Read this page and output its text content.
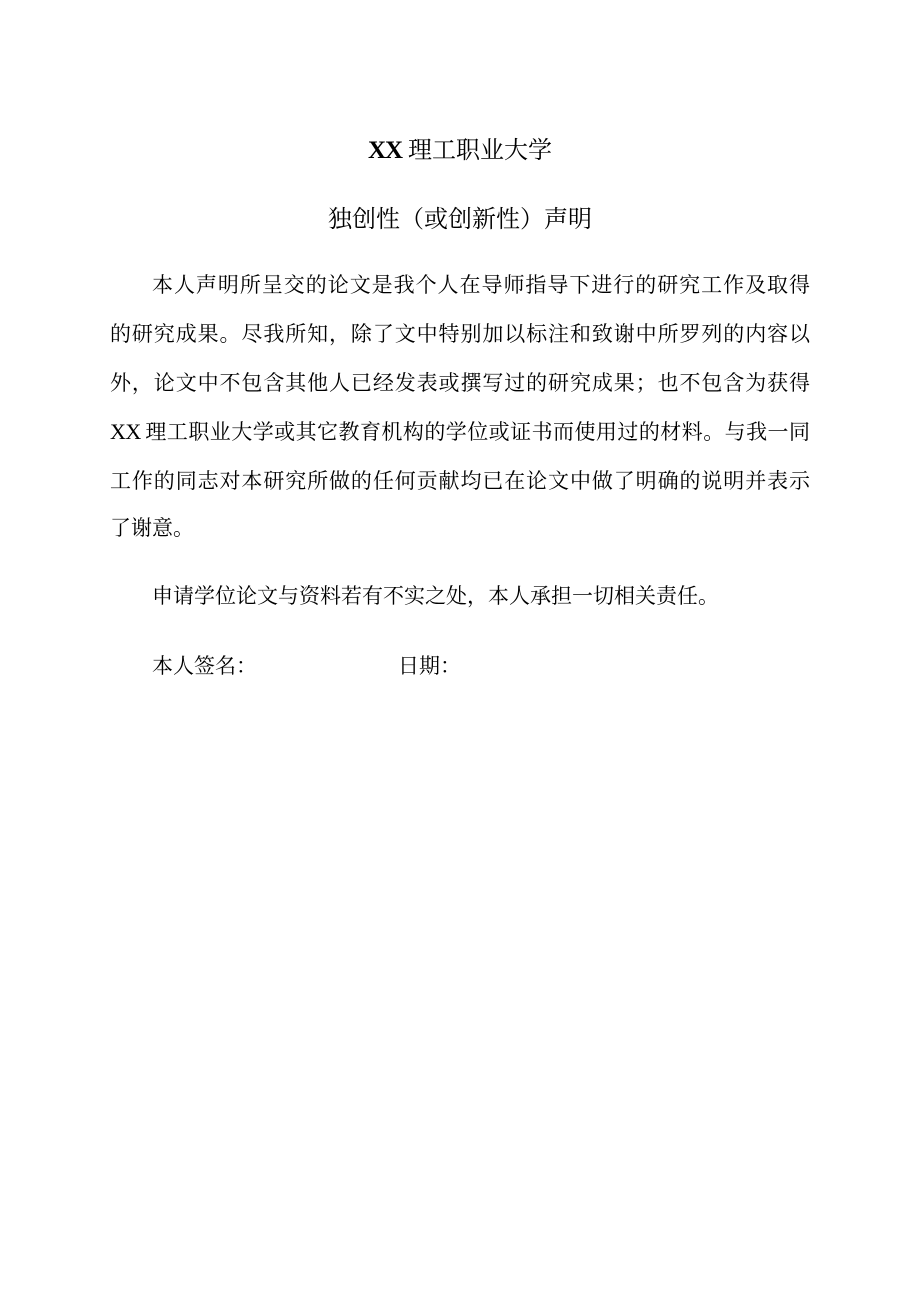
XX 理工职业大学
独创性（或创新性）声明
本人声明所呈交的论文是我个人在导师指导下进行的研究工作及取得
的研究成果。尽我所知，除了文中特别加以标注和致谢中所罗列的内容以
外，论文中不包含其他人已经发表或撰写过的研究成果；也不包含为获得
XX  理工职业大学或其它教育机构的学位或证书而使用过的材料。与我一同
工作的同志对本研究所做的任何贡献均已在论文中做了明确的说明并表示
了谢意。
申请学位论文与资料若有不实之处，本人承担一切相关责任。
本人签名：	日期：
